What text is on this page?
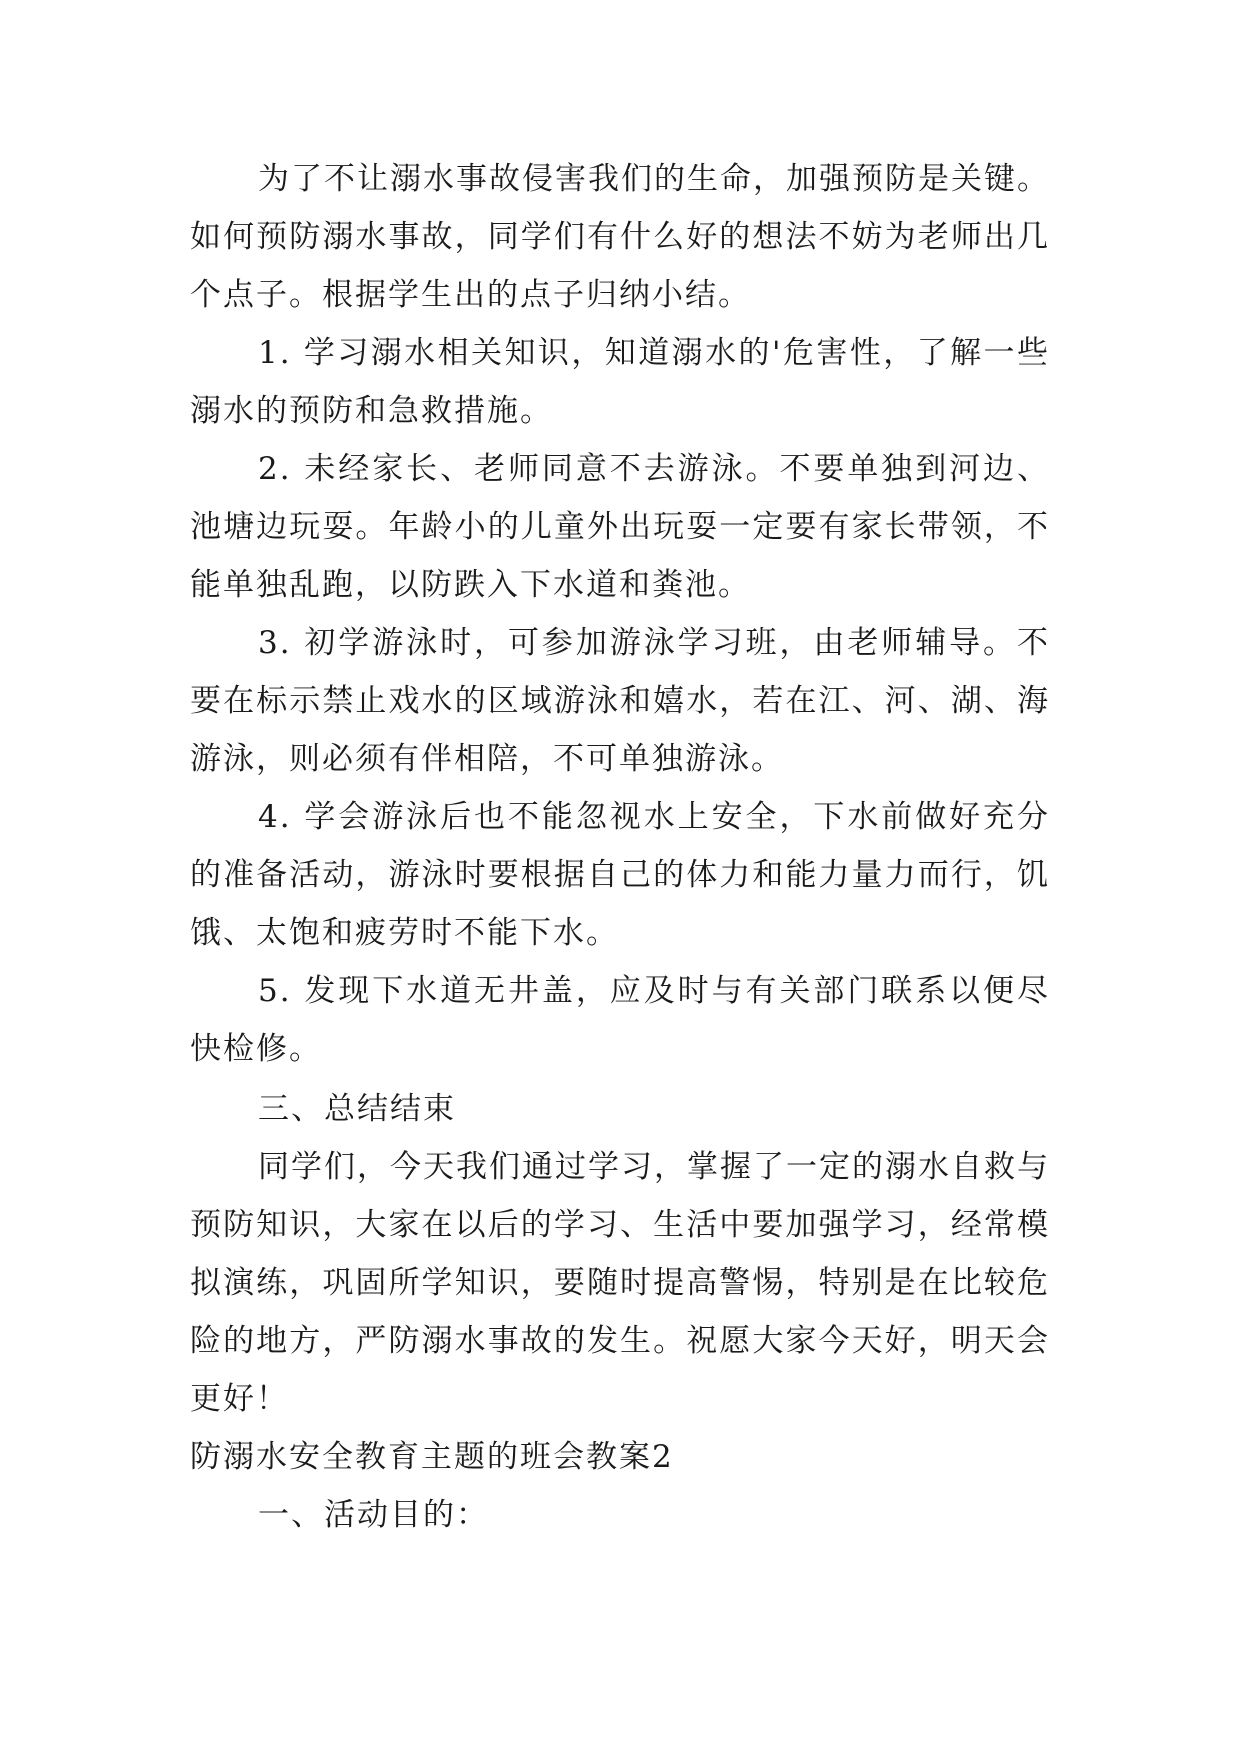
为了不让溺水事故侵害我们的生命，加强预防是关键。如何预防溺水事故，同学们有什么好的想法不妨为老师出几个点子。根据学生出的点子归纳小结。

1. 学习溺水相关知识，知道溺水的'危害性，了解一些溺水的预防和急救措施。

2. 未经家长、老师同意不去游泳。不要单独到河边、池塘边玩耍。年龄小的儿童外出玩耍一定要有家长带领，不能单独乱跑，以防跌入下水道和粪池。

3. 初学游泳时，可参加游泳学习班，由老师辅导。不要在标示禁止戏水的区域游泳和嬉水，若在江、河、湖、海游泳，则必须有伴相陪，不可单独游泳。

4. 学会游泳后也不能忽视水上安全，下水前做好充分的准备活动，游泳时要根据自己的体力和能力量力而行，饥饿、太饱和疲劳时不能下水。

5. 发现下水道无井盖，应及时与有关部门联系以便尽快检修。

三、总结结束

同学们，今天我们通过学习，掌握了一定的溺水自救与预防知识，大家在以后的学习、生活中要加强学习，经常模拟演练，巩固所学知识，要随时提高警惕，特别是在比较危险的地方，严防溺水事故的发生。祝愿大家今天好，明天会更好！

防溺水安全教育主题的班会教案2

一、活动目的：
